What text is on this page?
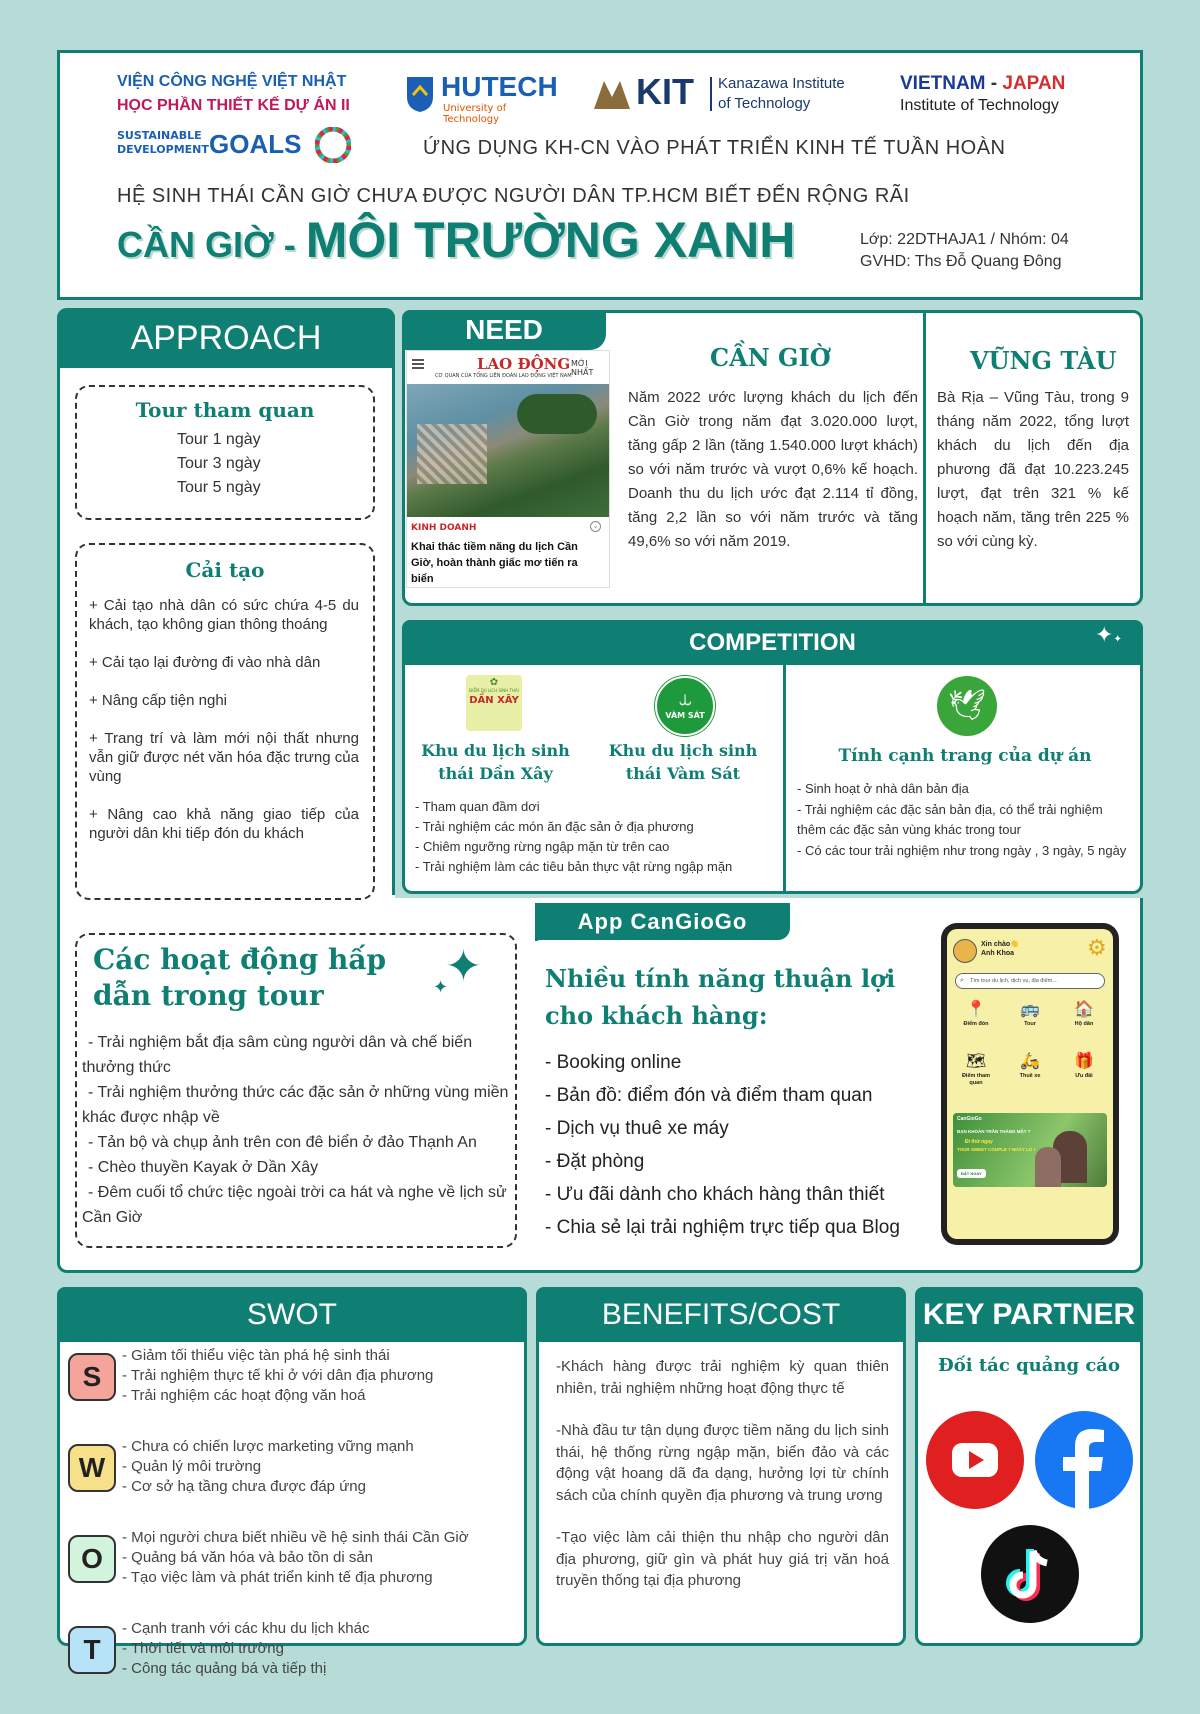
VIỆN CÔNG NGHỆ VIỆT NHẬT
HỌC PHẦN THIẾT KẾ DỰ ÁN II
SUSTAINABLE
DEVELOPMENT GOALS
HUTECH
University of Technology
KIT Kanazawa Institute
of Technology
VIETNAM - JAPAN
Institute of Technology
ỨNG DỤNG KH-CN VÀO PHÁT TRIỂN KINH TẾ TUẦN HOÀN
HỆ SINH THÁI CẦN GIỜ CHƯA ĐƯỢC NGƯỜI DÂN TP.HCM BIẾT ĐẾN RỘNG RÃI
CẦN GIỜ - MÔI TRƯỜNG XANH	Lớp: 22DTHAJA1 / Nhóm: 04
GVHD: Ths Đỗ Quang Đông
APPROACH
Tour tham quan
Tour 1 ngày
Tour 3 ngày
Tour 5 ngày
Cải tạo
+ Cải tạo nhà dân có sức chứa 4-5 du khách, tạo không gian thông thoáng
+ Cải tạo lại đường đi vào nhà dân
+ Nâng cấp tiện nghi
+ Trang trí và làm mới nội thất nhưng vẫn giữ được nét văn hóa đặc trưng của vùng
+ Nâng cao khả năng giao tiếp của người dân khi tiếp đón du khách
NEED
LAO ĐỘNG MỚI NHẤT
CƠ QUAN CỦA TỔNG LIÊN ĐOÀN LAO ĐỘNG VIỆT NAM
KINH DOANH	⌄
Khai thác tiềm năng du lịch Cần Giờ, hoàn thành giấc mơ tiến ra biển
CẦN GIỜ
Năm 2022 ước lượng khách du lịch đến Cần Giờ trong năm đạt 3.020.000 lượt, tăng gấp 2 lần (tăng 1.540.000 lượt khách) so với năm trước và vượt 0,6% kế hoạch. Doanh thu du lịch ước đạt 2.114 tỉ đồng, tăng 2,2 lần so với năm trước và tăng 49,6% so với năm 2019.
VŨNG TÀU
Bà Rịa – Vũng Tàu, trong 9 tháng năm 2022, tổng lượt khách du lịch đến địa phương đã đạt 10.223.245 lượt, đạt trên 321 % kế hoạch năm, tăng trên 225 % so với cùng kỳ.
COMPETITION	✦✦
✿
ĐIỂM DU LỊCH SINH THÁI
DẦN XÂY
Khu du lịch sinh thái Dần Xây
⥿
VÀM SÁT
Khu du lịch sinh thái Vàm Sát
- Tham quan đầm dơi
- Trải nghiệm các món ăn đặc sản ở địa phương
- Chiêm ngưỡng rừng ngập mặn từ trên cao
- Trải nghiệm làm các tiêu bản thực vật rừng ngập mặn
🕊
Tính cạnh trang của dự án
- Sinh hoạt ở nhà dân bản địa
- Trải nghiệm các đặc sản bản địa, có thể trải nghiệm thêm các đặc sản vùng khác trong tour
- Có các tour trải nghiệm như trong ngày , 3 ngày, 5 ngày
App CanGioGo
Các hoạt động hấp dẫn trong tour
✦
✦
- Trải nghiệm bắt địa sâm cùng người dân và chế biến thưởng thức
- Trải nghiệm thưởng thức các đặc sản ở những vùng miền khác được nhập về
- Tản bộ và chụp ảnh trên con đê biển ở đảo Thạnh An
- Chèo thuyền Kayak ở Dần Xây
- Đêm cuối tổ chức tiệc ngoài trời ca hát và nghe về lịch sử Cần Giờ
Nhiều tính năng thuận lợi cho khách hàng:
- Booking online
- Bản đồ: điểm đón và điểm tham quan
- Dịch vụ thuê xe máy
- Đặt phòng
- Ưu đãi dành cho khách hàng thân thiết
- Chia sẻ lại trải nghiệm trực tiếp qua Blog
Xin chào👋
Anh Khoa	⚙
⌕ Tìm tour du lịch, dịch vụ, địa điểm...
📍
Điểm đón
🚌
Tour
🏠
Hộ dân
🗺
Điểm tham quan
🛵
Thuê xe
🎁
Ưu đãi
CanGioGo
BẠN KHOẢN TRẦN THÁNG MẬT ?
Đi thử ngay
TOUR SWEET COUPLE 7 NGÀY LO !
ĐẶT NGAY
SWOT
S
- Giảm tối thiểu việc tàn phá hệ sinh thái
- Trải nghiệm thực tế khi ở với dân địa phương
- Trải nghiệm các hoạt động văn hoá
W
- Chưa có chiến lược marketing vững mạnh
- Quản lý môi trường
- Cơ sở hạ tầng chưa được đáp ứng
O
- Mọi người chưa biết nhiều về hệ sinh thái Cần Giờ
- Quảng bá văn hóa và bảo tồn di sản
- Tạo việc làm và phát triển kinh tế địa phương
T
- Cạnh tranh với các khu du lịch khác
- Thời tiết và môi trường
- Công tác quảng bá và tiếp thị
BENEFITS/COST
-Khách hàng được trải nghiệm kỳ quan thiên nhiên, trải nghiệm những hoạt động thực tế
-Nhà đầu tư tận dụng được tiềm năng du lịch sinh thái, hệ thống rừng ngập mặn, biển đảo và các động vật hoang dã đa dạng, hưởng lợi từ chính sách của chính quyền địa phương và trung ương
-Tạo việc làm cải thiện thu nhập cho người dân địa phương, giữ gìn và phát huy giá trị văn hoá truyền thống tại địa phương
KEY PARTNER
Đối tác quảng cáo
